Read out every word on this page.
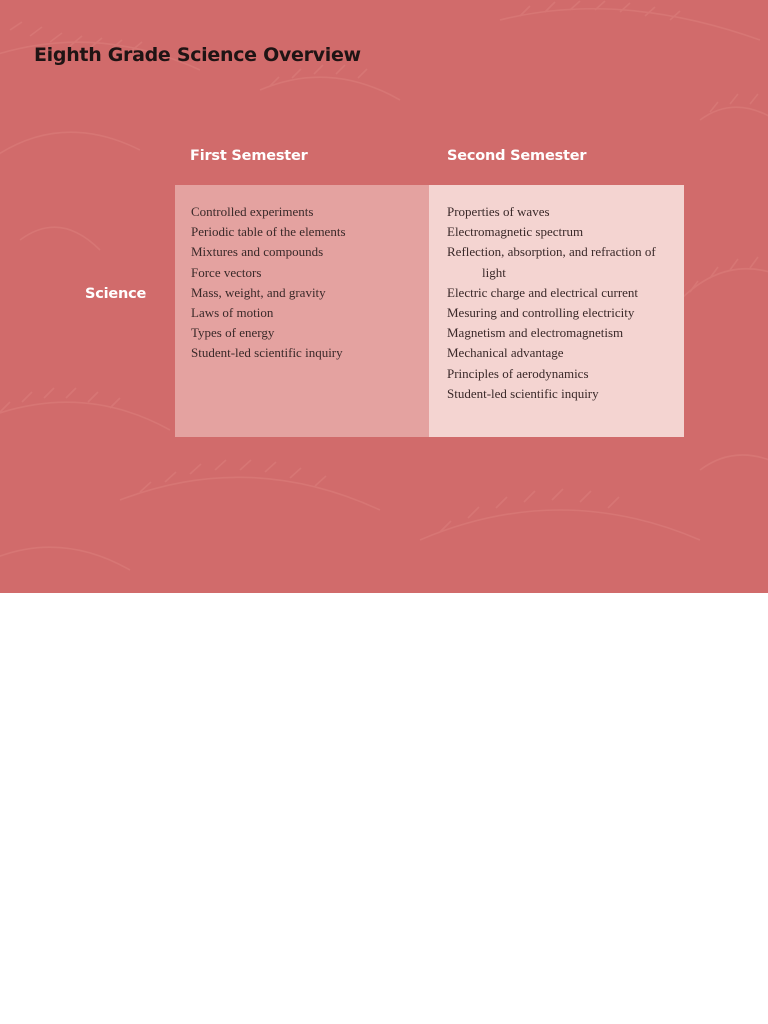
Eighth Grade Science Overview
First Semester	Second Semester
Science
Controlled experiments
Periodic table of the elements
Mixtures and compounds
Force vectors
Mass, weight, and gravity
Laws of motion
Types of energy
Student-led scientific inquiry
Properties of waves
Electromagnetic spectrum
Reflection, absorption, and refraction of light
Electric charge and electrical current
Mesuring and controlling electricity
Magnetism and electromagnetism
Mechanical advantage
Principles of aerodynamics
Student-led scientific inquiry
